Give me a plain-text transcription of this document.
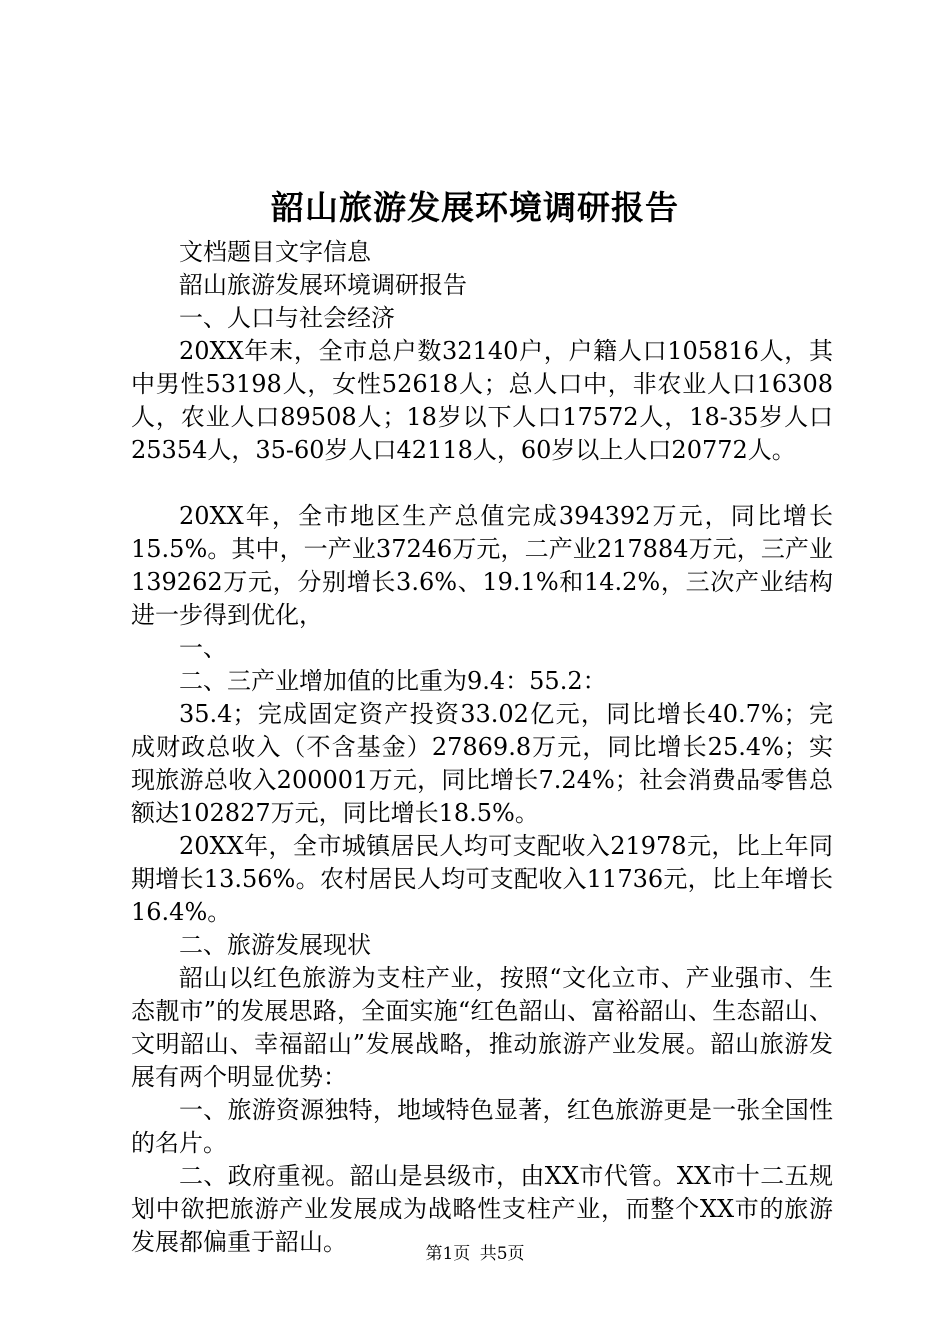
韶山旅游发展环境调研报告

文档题目文字信息

韶山旅游发展环境调研报告

一、人口与社会经济

20XX年末，全市总户数32140户，户籍人口105816人，其中男性53198人，女性52618人；总人口中，非农业人口16308人，农业人口89508人；18岁以下人口17572人，18-35岁人口25354人，35-60岁人口42118人，60岁以上人口20772人。

20XX年，全市地区生产总值完成394392万元，同比增长15.5%。其中，一产业37246万元，二产业217884万元，三产业139262万元，分别增长3.6%、19.1%和14.2%，三次产业结构进一步得到优化，

一、

二、三产业增加值的比重为9.4：55.2：

35.4；完成固定资产投资33.02亿元，同比增长40.7%；完成财政总收入（不含基金）27869.8万元，同比增长25.4%；实现旅游总收入200001万元，同比增长7.24%；社会消费品零售总额达102827万元，同比增长18.5%。

20XX年，全市城镇居民人均可支配收入21978元，比上年同期增长13.56%。农村居民人均可支配收入11736元，比上年增长16.4%。

二、旅游发展现状

韶山以红色旅游为支柱产业，按照“文化立市、产业强市、生态靓市”的发展思路，全面实施“红色韶山、富裕韶山、生态韶山、文明韶山、幸福韶山”发展战略，推动旅游产业发展。韶山旅游发展有两个明显优势：

一、旅游资源独特，地域特色显著，红色旅游更是一张全国性的名片。

二、政府重视。韶山是县级市，由XX市代管。XX市十二五规划中欲把旅游产业发展成为战略性支柱产业，而整个XX市的旅游发展都偏重于韶山。	第1页 共5页
